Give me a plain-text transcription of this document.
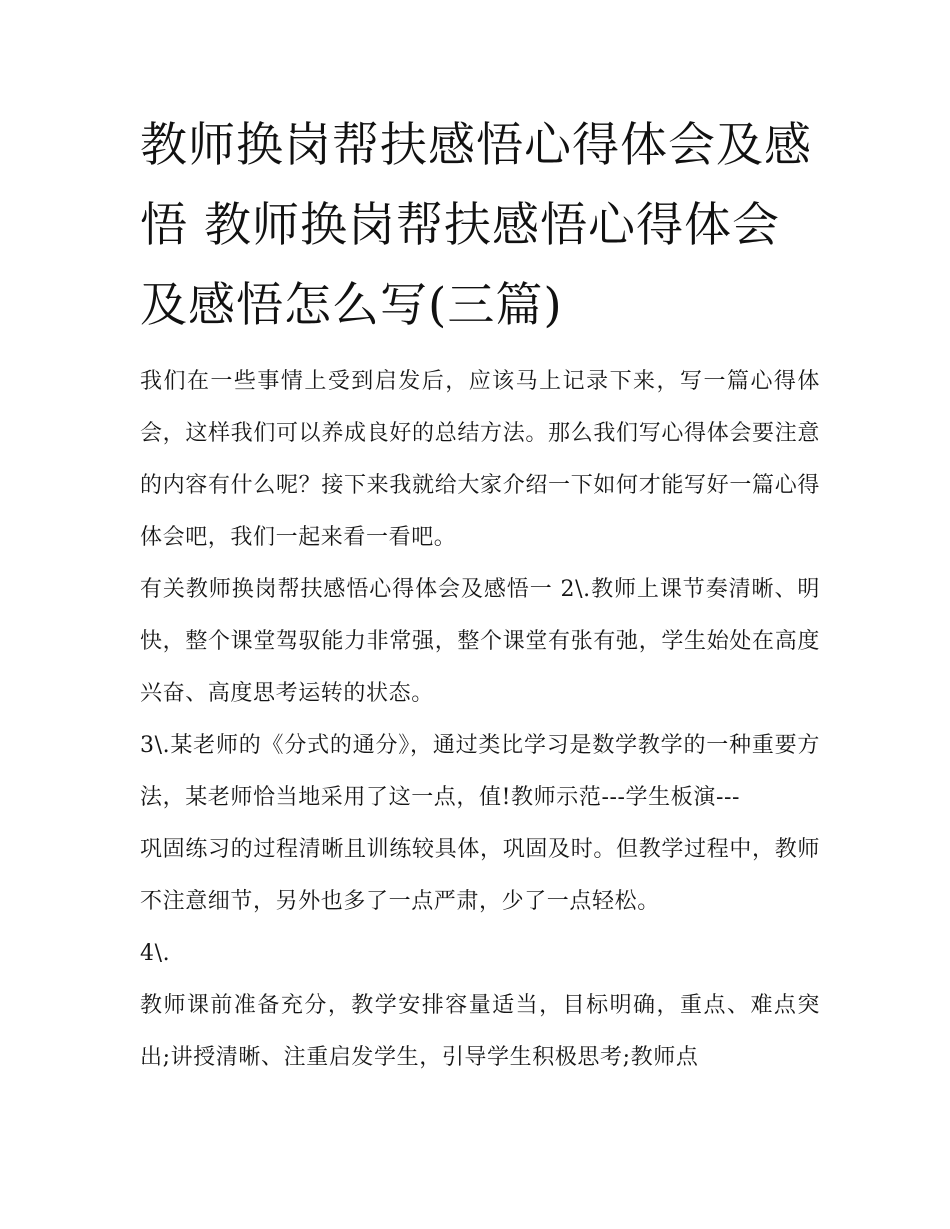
教师换岗帮扶感悟心得体会及感悟 教师换岗帮扶感悟心得体会及感悟怎么写(三篇)

我们在一些事情上受到启发后，应该马上记录下来，写一篇心得体会，这样我们可以养成良好的总结方法。那么我们写心得体会要注意的内容有什么呢？接下来我就给大家介绍一下如何才能写好一篇心得体会吧，我们一起来看一看吧。

有关教师换岗帮扶感悟心得体会及感悟一 2\.教师上课节奏清晰、明快，整个课堂驾驭能力非常强，整个课堂有张有弛，学生始处在高度兴奋、高度思考运转的状态。

3\.某老师的《分式的通分》，通过类比学习是数学教学的一种重要方法，某老师恰当地采用了这一点，值!教师示范---学生板演---

巩固练习的过程清晰且训练较具体，巩固及时。但教学过程中，教师不注意细节，另外也多了一点严肃，少了一点轻松。
4\.

教师课前准备充分，教学安排容量适当，目标明确，重点、难点突出;讲授清晰、注重启发学生，引导学生积极思考;教师点
